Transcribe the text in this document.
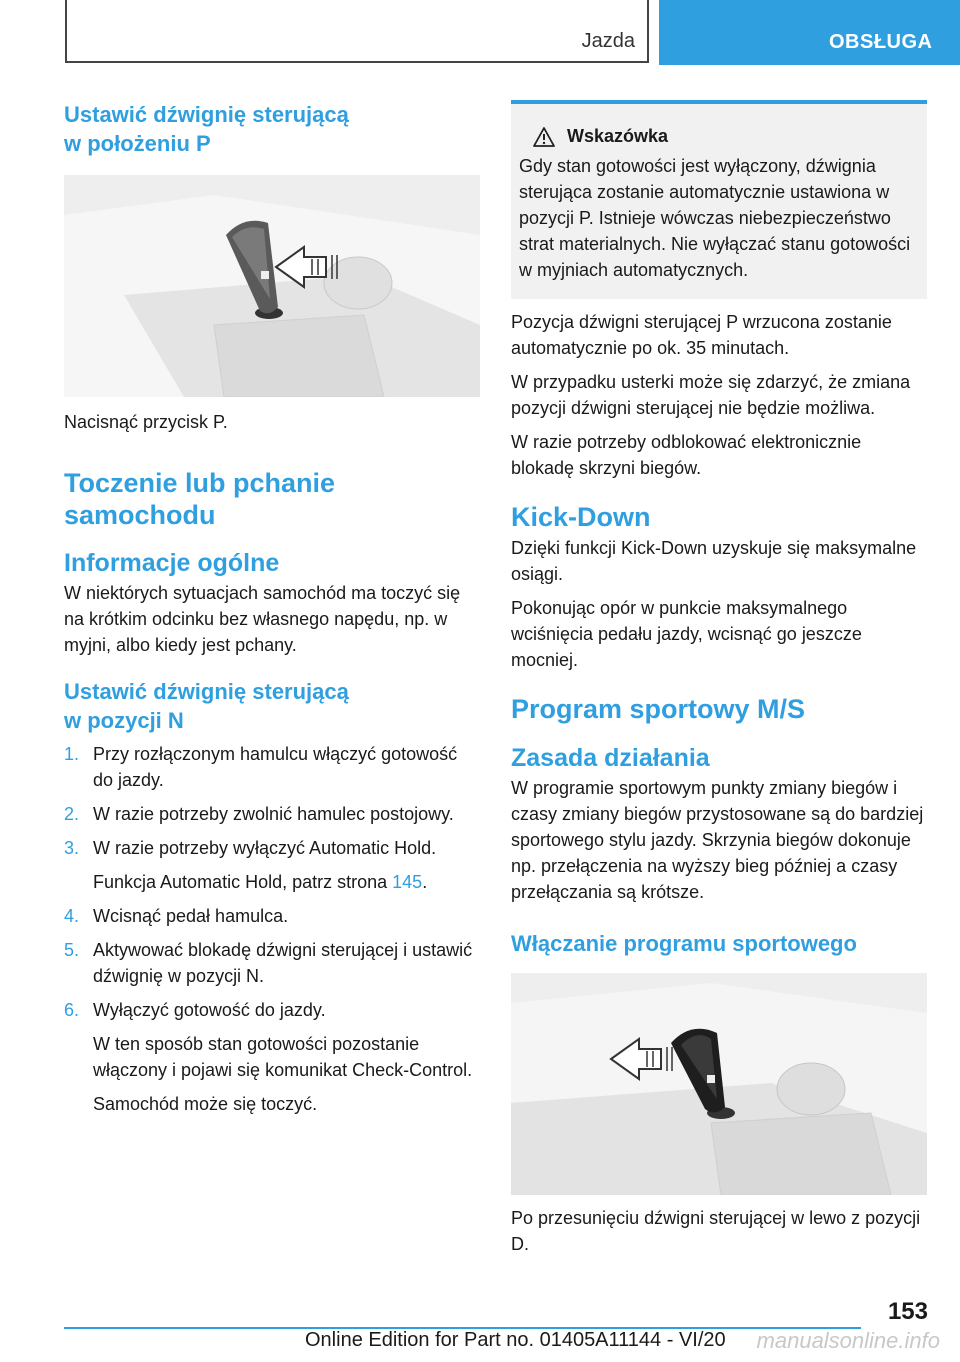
Jazda	OBSŁUGA
Ustawić dźwignię sterującą
w położeniu P

Nacisnąć przycisk P.

Toczenie lub pchanie
samochodu
Informacje ogólne

W niektórych sytuacjach samochód ma toczyć się na krótkim odcinku bez własnego napędu, np. w myjni, albo kiedy jest pchany.

Ustawić dźwignię sterującą
w pozycji N
1. Przy rozłączonym hamulcu włączyć gotowość do jazdy.
2. W razie potrzeby zwolnić hamulec postojowy.
3. W razie potrzeby wyłączyć Automatic Hold.
Funkcja Automatic Hold, patrz strona 145.
4. Wcisnąć pedał hamulca.
5. Aktywować blokadę dźwigni sterującej i ustawić dźwignię w pozycji N.
6. Wyłączyć gotowość do jazdy.
W ten sposób stan gotowości pozostanie włączony i pojawi się komunikat Check-Control.
Samochód może się toczyć.
Wskazówka

Gdy stan gotowości jest wyłączony, dźwignia sterująca zostanie automatycznie ustawiona w pozycji P. Istnieje wówczas niebezpieczeństwo strat materialnych. Nie wyłączać stanu gotowości w myjniach automatycznych.

Pozycja dźwigni sterującej P wrzucona zostanie automatycznie po ok. 35 minutach.

W przypadku usterki może się zdarzyć, że zmiana pozycji dźwigni sterującej nie będzie możliwa.

W razie potrzeby odblokować elektronicznie blokadę skrzyni biegów.

Kick-Down

Dzięki funkcji Kick-Down uzyskuje się maksymalne osiągi.

Pokonując opór w punkcie maksymalnego wciśnięcia pedału jazdy, wcisnąć go jeszcze mocniej.

Program sportowy M/S
Zasada działania

W programie sportowym punkty zmiany biegów i czasy zmiany biegów przystosowane są do bardziej sportowego stylu jazdy. Skrzynia biegów dokonuje np. przełączenia na wyższy bieg później a czasy przełączania są krótsze.

Włączanie programu sportowego

Po przesunięciu dźwigni sterującej w lewo z pozycji D.

153
Online Edition for Part no. 01405A11144 - VI/20 manualsonline.info
